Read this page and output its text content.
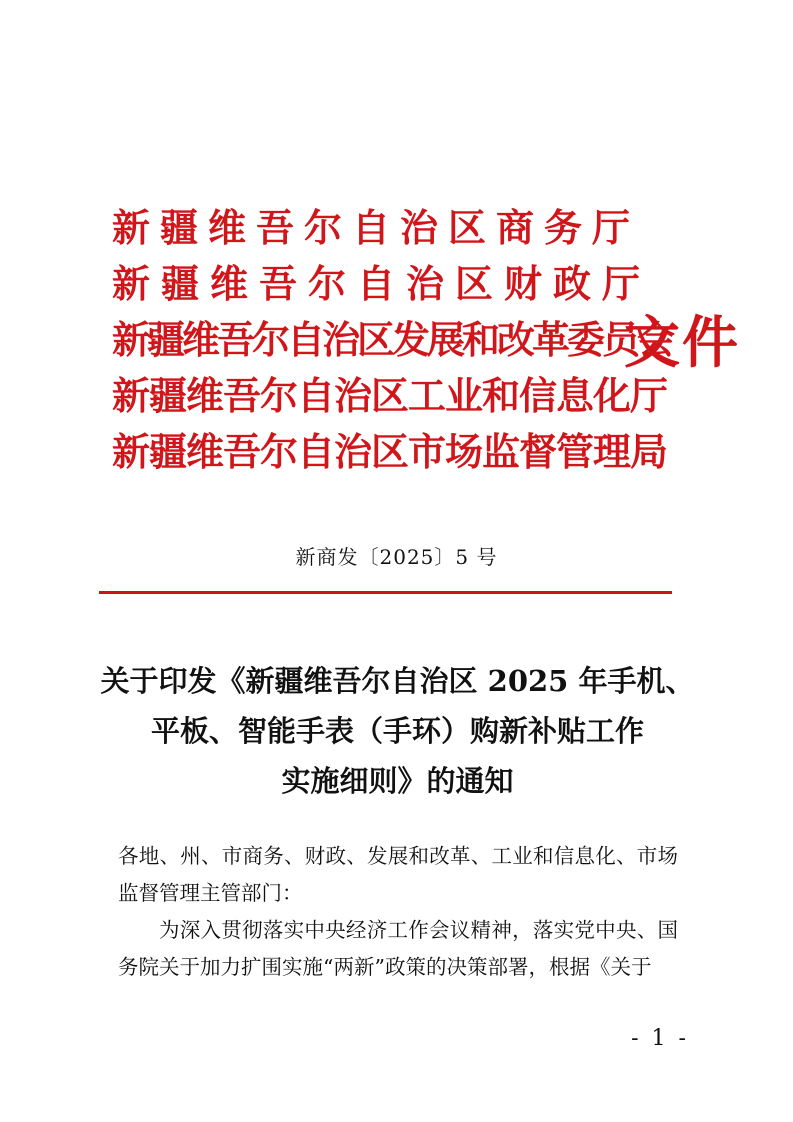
新疆维吾尔自治区商务厅
新疆维吾尔自治区财政厅
新疆维吾尔自治区发展和改革委员会
新疆维吾尔自治区工业和信息化厅
新疆维吾尔自治区市场监督管理局
文件
新商发〔2025〕5 号
关于印发《新疆维吾尔自治区 2025 年手机、
平板、智能手表（手环）购新补贴工作
实施细则》的通知

各地、州、市商务、财政、发展和改革、工业和信息化、市场监督管理主管部门：

为深入贯彻落实中央经济工作会议精神，落实党中央、国务院关于加力扩围实施“两新”政策的决策部署，根据《关于

- 1 -
